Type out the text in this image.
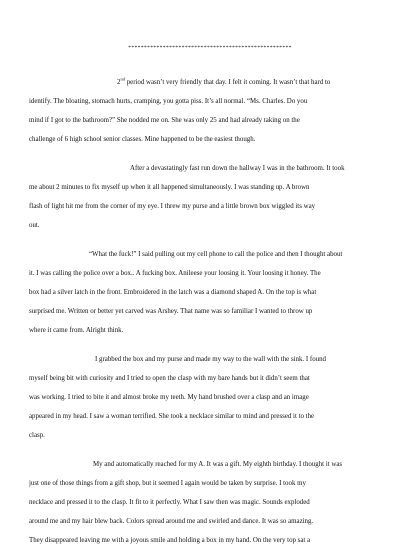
****************************************************
2nd period wasn’t very friendly that day. I felt it coming. It wasn’t that hard to
identify. The bloating, stomach hurts, cramping, you gotta piss. It’s all normal. “Ms. Charles. Do you
mind if I got to the bathroom?” She nodded me on. She was only 25 and had already taking on the
challenge of 6 high school senior classes. Mine happened to be the easiest though.
After a devastatingly fast run down the hallway I was in the bathroom. It took
me about 2 minutes to fix myself up when it all happened simultaneously. I was standing up. A brown
flash of light hit me from the corner of my eye. I threw my purse and a little brown box wiggled its way
out.
“What the fuck!” I said pulling out my cell phone to call the police and then I thought about
it. I was calling the police over a box.. A fucking box. Anileese your loosing it. Your loosing it honey. The
box had a silver latch in the front. Embroidered in the latch was a diamond shaped A. On the top is what
surprised me. Written or better yet carved was Arshey. That name was so familiar I wanted to throw up
where it came from. Alright think.
I grabbed the box and my purse and made my way to the wall with the sink. I found
myself being bit with curiosity and I tried to open the clasp with my bare hands but it didn’t seem that
was working. I tried to bite it and almost broke my teeth. My hand brushed over a clasp and an image
appeared in my head. I saw a woman terrified. She took a necklace similar to mind and pressed it to the
clasp.
My and automatically reached for my A. It was a gift. My eighth birthday. I thought it was
just one of those things from a gift shop, but it seemed I again would be taken by surprise. I took my
necklace and pressed it to the clasp. It fit to it perfectly. What I saw then was magic. Sounds exploded
around me and my hair blew back. Colors spread around me and swirled and dance. It was so amazing.
They disappeared leaving me with a joyous smile and holding a box in my hand. On the very top sat a
